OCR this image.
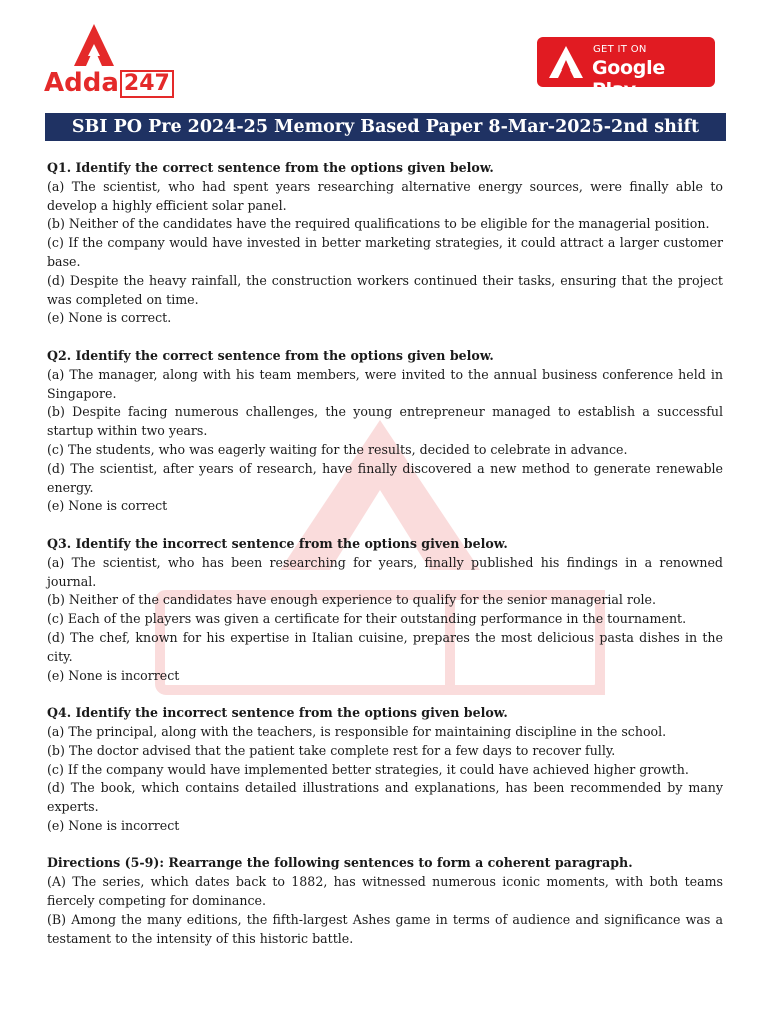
Adda 247
GET IT ON
Google Play
SBI PO Pre 2024-25 Memory Based Paper 8-Mar-2025-2nd shift

Q1. Identify the correct sentence from the options given below.

(a) The scientist, who had spent years researching alternative energy sources, were finally able to develop a highly efficient solar panel.

(b) Neither of the candidates have the required qualifications to be eligible for the managerial position.

(c) If the company would have invested in better marketing strategies, it could attract a larger customer base.

(d) Despite the heavy rainfall, the construction workers continued their tasks, ensuring that the project was completed on time.

(e) None is correct.

Q2. Identify the correct sentence from the options given below.

(a) The manager, along with his team members, were invited to the annual business conference held in Singapore.

(b) Despite facing numerous challenges, the young entrepreneur managed to establish a successful startup within two years.

(c) The students, who was eagerly waiting for the results, decided to celebrate in advance.

(d) The scientist, after years of research, have finally discovered a new method to generate renewable energy.

(e) None is correct

Q3. Identify the incorrect sentence from the options given below.

(a) The scientist, who has been researching for years, finally published his findings in a renowned journal.

(b) Neither of the candidates have enough experience to qualify for the senior managerial role.

(c) Each of the players was given a certificate for their outstanding performance in the tournament.

(d) The chef, known for his expertise in Italian cuisine, prepares the most delicious pasta dishes in the city.

(e) None is incorrect

Q4. Identify the incorrect sentence from the options given below.

(a) The principal, along with the teachers, is responsible for maintaining discipline in the school.

(b) The doctor advised that the patient take complete rest for a few days to recover fully.

(c) If the company would have implemented better strategies, it could have achieved higher growth.

(d) The book, which contains detailed illustrations and explanations, has been recommended by many experts.

(e) None is incorrect

Directions (5-9): Rearrange the following sentences to form a coherent paragraph.

(A) The series, which dates back to 1882, has witnessed numerous iconic moments, with both teams fiercely competing for dominance.

(B) Among the many editions, the fifth-largest Ashes game in terms of audience and significance was a testament to the intensity of this historic battle.
